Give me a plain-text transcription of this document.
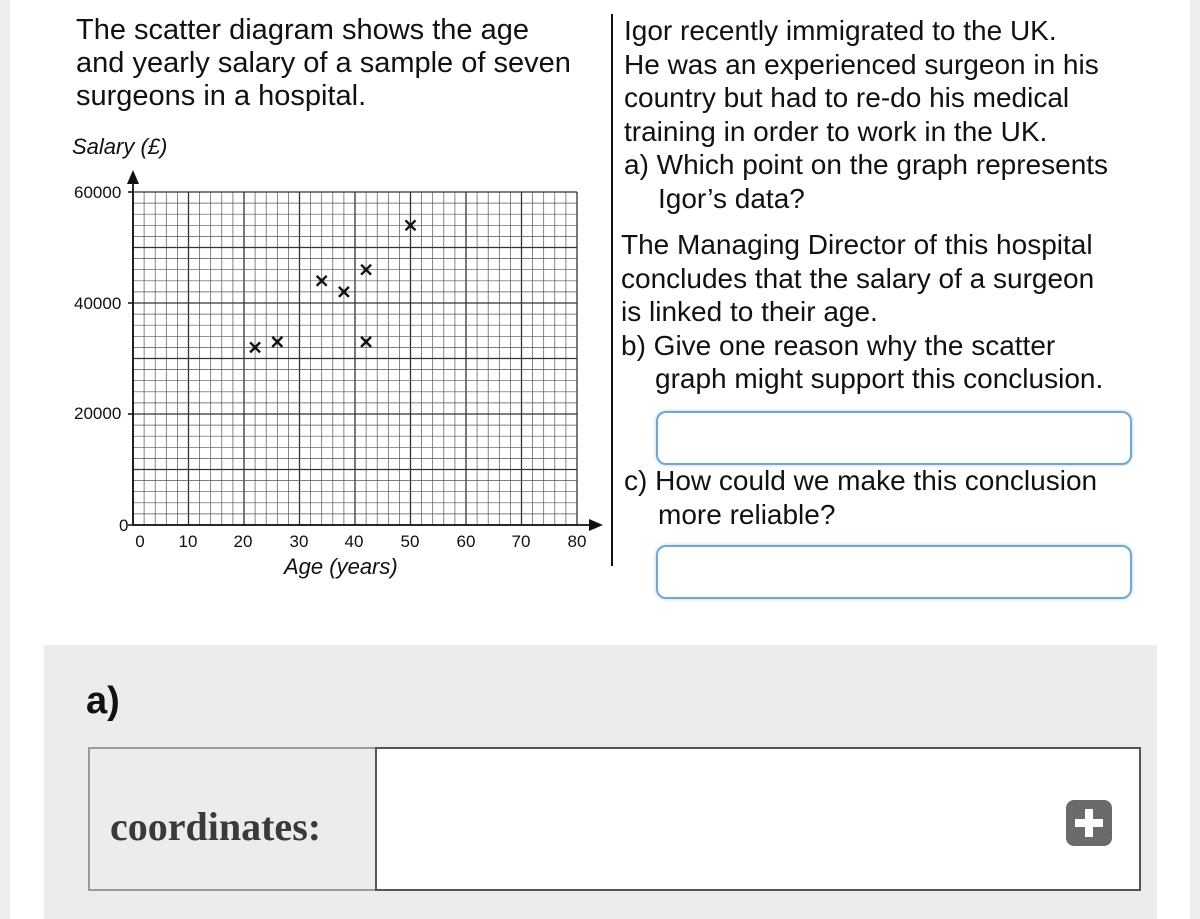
The scatter diagram shows the age
and yearly salary of a sample of seven
surgeons in a hospital.

Salary (£)
Age (years)
60000
40000
20000
0
0	10	20	30	40	50	60	70	80

Igor recently immigrated to the UK.
He was an experienced surgeon in his
country but had to re-do his medical
training in order to work in the UK.
a) Which point on the graph represents
Igor’s data?

The Managing Director of this hospital
concludes that the salary of a surgeon
is linked to their age.
b) Give one reason why the scatter
graph might support this conclusion.

c) How could we make this conclusion
more reliable?

a)
coordinates:
